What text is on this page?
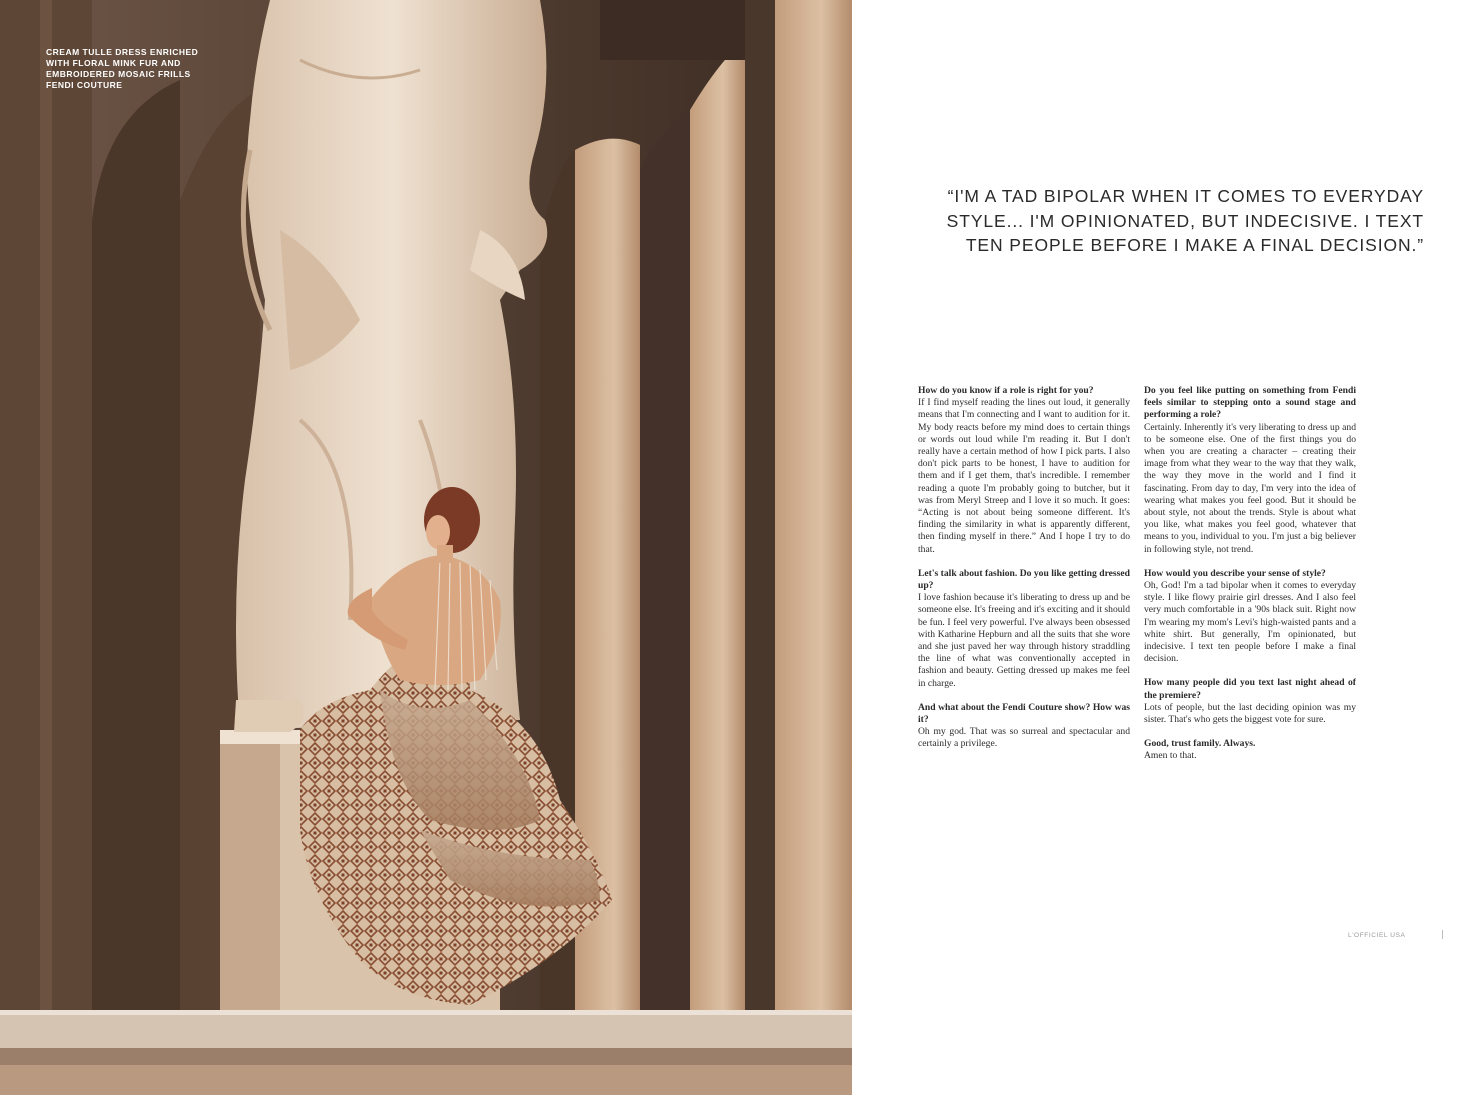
CREAM TULLE DRESS ENRICHED
WITH FLORAL MINK FUR AND
EMBROIDERED MOSAIC FRILLS
FENDI COUTURE
“I'M A TAD BIPOLAR WHEN IT COMES TO EVERYDAY
STYLE... I'M OPINIONATED, BUT INDECISIVE. I TEXT
TEN PEOPLE BEFORE I MAKE A FINAL DECISION.”

How do you know if a role is right for you?

If I find myself reading the lines out loud, it generally means that I'm connecting and I want to audition for it. My body reacts before my mind does to certain things or words out loud while I'm reading it. But I don't really have a certain method of how I pick parts. I also don't pick parts to be honest, I have to audition for them and if I get them, that's incredible. I remember reading a quote I'm probably going to butcher, but it was from Meryl Streep and I love it so much. It goes: “Acting is not about being someone different. It's finding the similarity in what is apparently different, then finding myself in there.” And I hope I try to do that.

Let's talk about fashion. Do you like getting dressed up?

I love fashion because it's liberating to dress up and be someone else. It's freeing and it's exciting and it should be fun. I feel very powerful. I've always been obsessed with Katharine Hepburn and all the suits that she wore and she just paved her way through history straddling the line of what was conventionally accepted in fashion and beauty. Getting dressed up makes me feel in charge.

And what about the Fendi Couture show? How was it?

Oh my god. That was so surreal and spectacular and certainly a privilege.

Do you feel like putting on something from Fendi feels similar to stepping onto a sound stage and performing a role?

Certainly. Inherently it's very liberating to dress up and to be someone else. One of the first things you do when you are creating a character – creating their image from what they wear to the way that they walk, the way they move in the world and I find it fascinating. From day to day, I'm very into the idea of wearing what makes you feel good. But it should be about style, not about the trends. Style is about what you like, what makes you feel good, whatever that means to you, individual to you. I'm just a big believer in following style, not trend.

How would you describe your sense of style?

Oh, God! I'm a tad bipolar when it comes to everyday style. I like flowy prairie girl dresses. And I also feel very much comfortable in a '90s black suit. Right now I'm wearing my mom's Levi's high-waisted pants and a white shirt. But generally, I'm opinionated, but indecisive. I text ten people before I make a final decision.

How many people did you text last night ahead of the premiere?

Lots of people, but the last deciding opinion was my sister. That's who gets the biggest vote for sure.

Good, trust family. Always.

Amen to that.

L'OFFICIEL USA
